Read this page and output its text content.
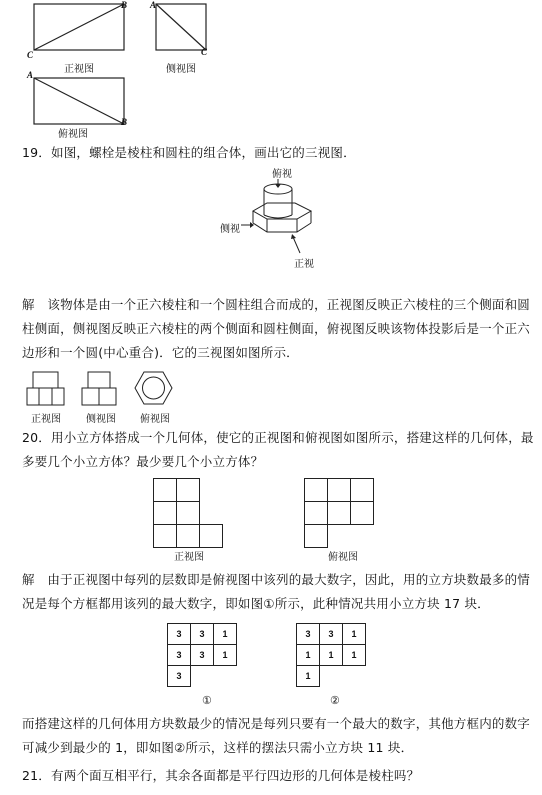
B
C
正视图
A
C
侧视图
A
B
俯视图
19．如图，螺栓是棱柱和圆柱的组合体，画出它的三视图．
俯视
侧视
正视
解　该物体是由一个正六棱柱和一个圆柱组合而成的，正视图反映正六棱柱的三个侧面和圆
柱侧面，侧视图反映正六棱柱的两个侧面和圆柱侧面，俯视图反映该物体投影后是一个正六
边形和一个圆(中心重合)．它的三视图如图所示．
正视图	侧视图 俯视图
20．用小立方体搭成一个几何体，使它的正视图和俯视图如图所示，搭建这样的几何体，最
多要几个小立方体？最少要几个小立方体？

正视图

			俯视图
解　由于正视图中每列的层数即是俯视图中该列的最大数字，因此，用的立方块数最多的情
况是每个方框都用该列的最大数字，即如图①所示，此种情况共用小立方块 17 块．
3	3	1
3	3	1
3		
①
3	3	1
1	1	1
1		
②
而搭建这样的几何体用方块数最少的情况是每列只要有一个最大的数字，其他方框内的数字
可减少到最少的 1，即如图②所示，这样的摆法只需小立方块 11 块．
21．有两个面互相平行，其余各面都是平行四边形的几何体是棱柱吗？
